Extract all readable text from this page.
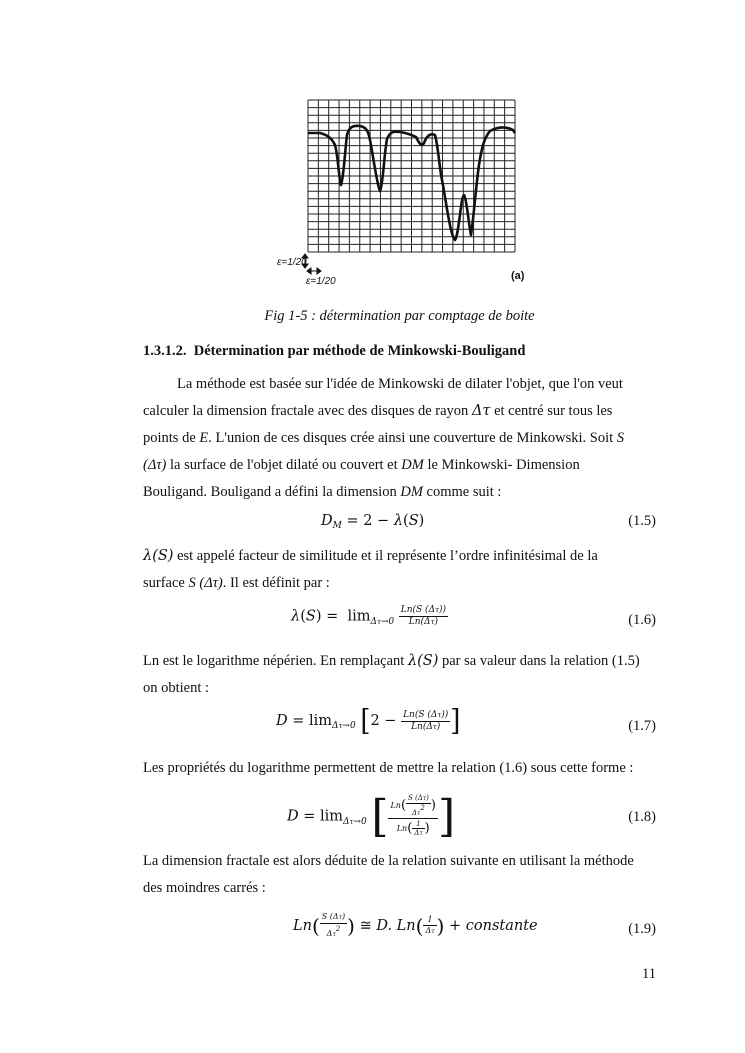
ε=1/20
ε=1/20	(a)
Fig 1-5 : détermination par comptage de boite
1.3.1.2. Détermination par méthode de Minkowski-Bouligand
La méthode est basée sur l'idée de Minkowski de dilater l'objet, que l'on veut
calculer la dimension fractale avec des disques de rayon Δτ et centré sur tous les
points de E. L'union de ces disques crée ainsi une couverture de Minkowski. Soit S
(Δτ) la surface de l'objet dilaté ou couvert et DM le Minkowski- Dimension
Bouligand. Bouligand a défini la dimension DM comme suit :
$D_M = 2 - \lambda(S)$	(1.5)
λ(S) est appelé facteur de similitude et il représente l’ordre infinitésimal de la
surface S (Δτ). Il est définit par :
$\lambda(S) = \lim_{\Delta\tau\to 0} \frac{Ln(S (\Delta\tau))}{Ln(\Delta\tau)}$	(1.6)
Ln est le logarithme népérien. En remplaçant λ(S) par sa valeur dans la relation (1.5)
on obtient :
$D = \lim_{\Delta\tau\to 0} [2 - \frac{Ln(S (\Delta\tau))}{Ln(\Delta\tau)}$ ]	(1.7)
Les propriétés du logarithme permettent de mettre la relation (1.6) sous cette forme :
$D = \lim_{\Delta\tau\to 0}$ [ $\frac{Ln( \frac{S (\Delta\tau)}{\Delta\tau 2} )}{Ln( \frac{1}{\Delta\tau} )}$ ]	(1.8)
La dimension fractale est alors déduite de la relation suivante en utilisant la méthode
des moindres carrés :
$Ln( \frac{S (\Delta\tau)}{\Delta\tau 2}$ ) ≅ D. $Ln( \frac{1}{\Delta\tau}$ ) + constante	(1.9)
11
